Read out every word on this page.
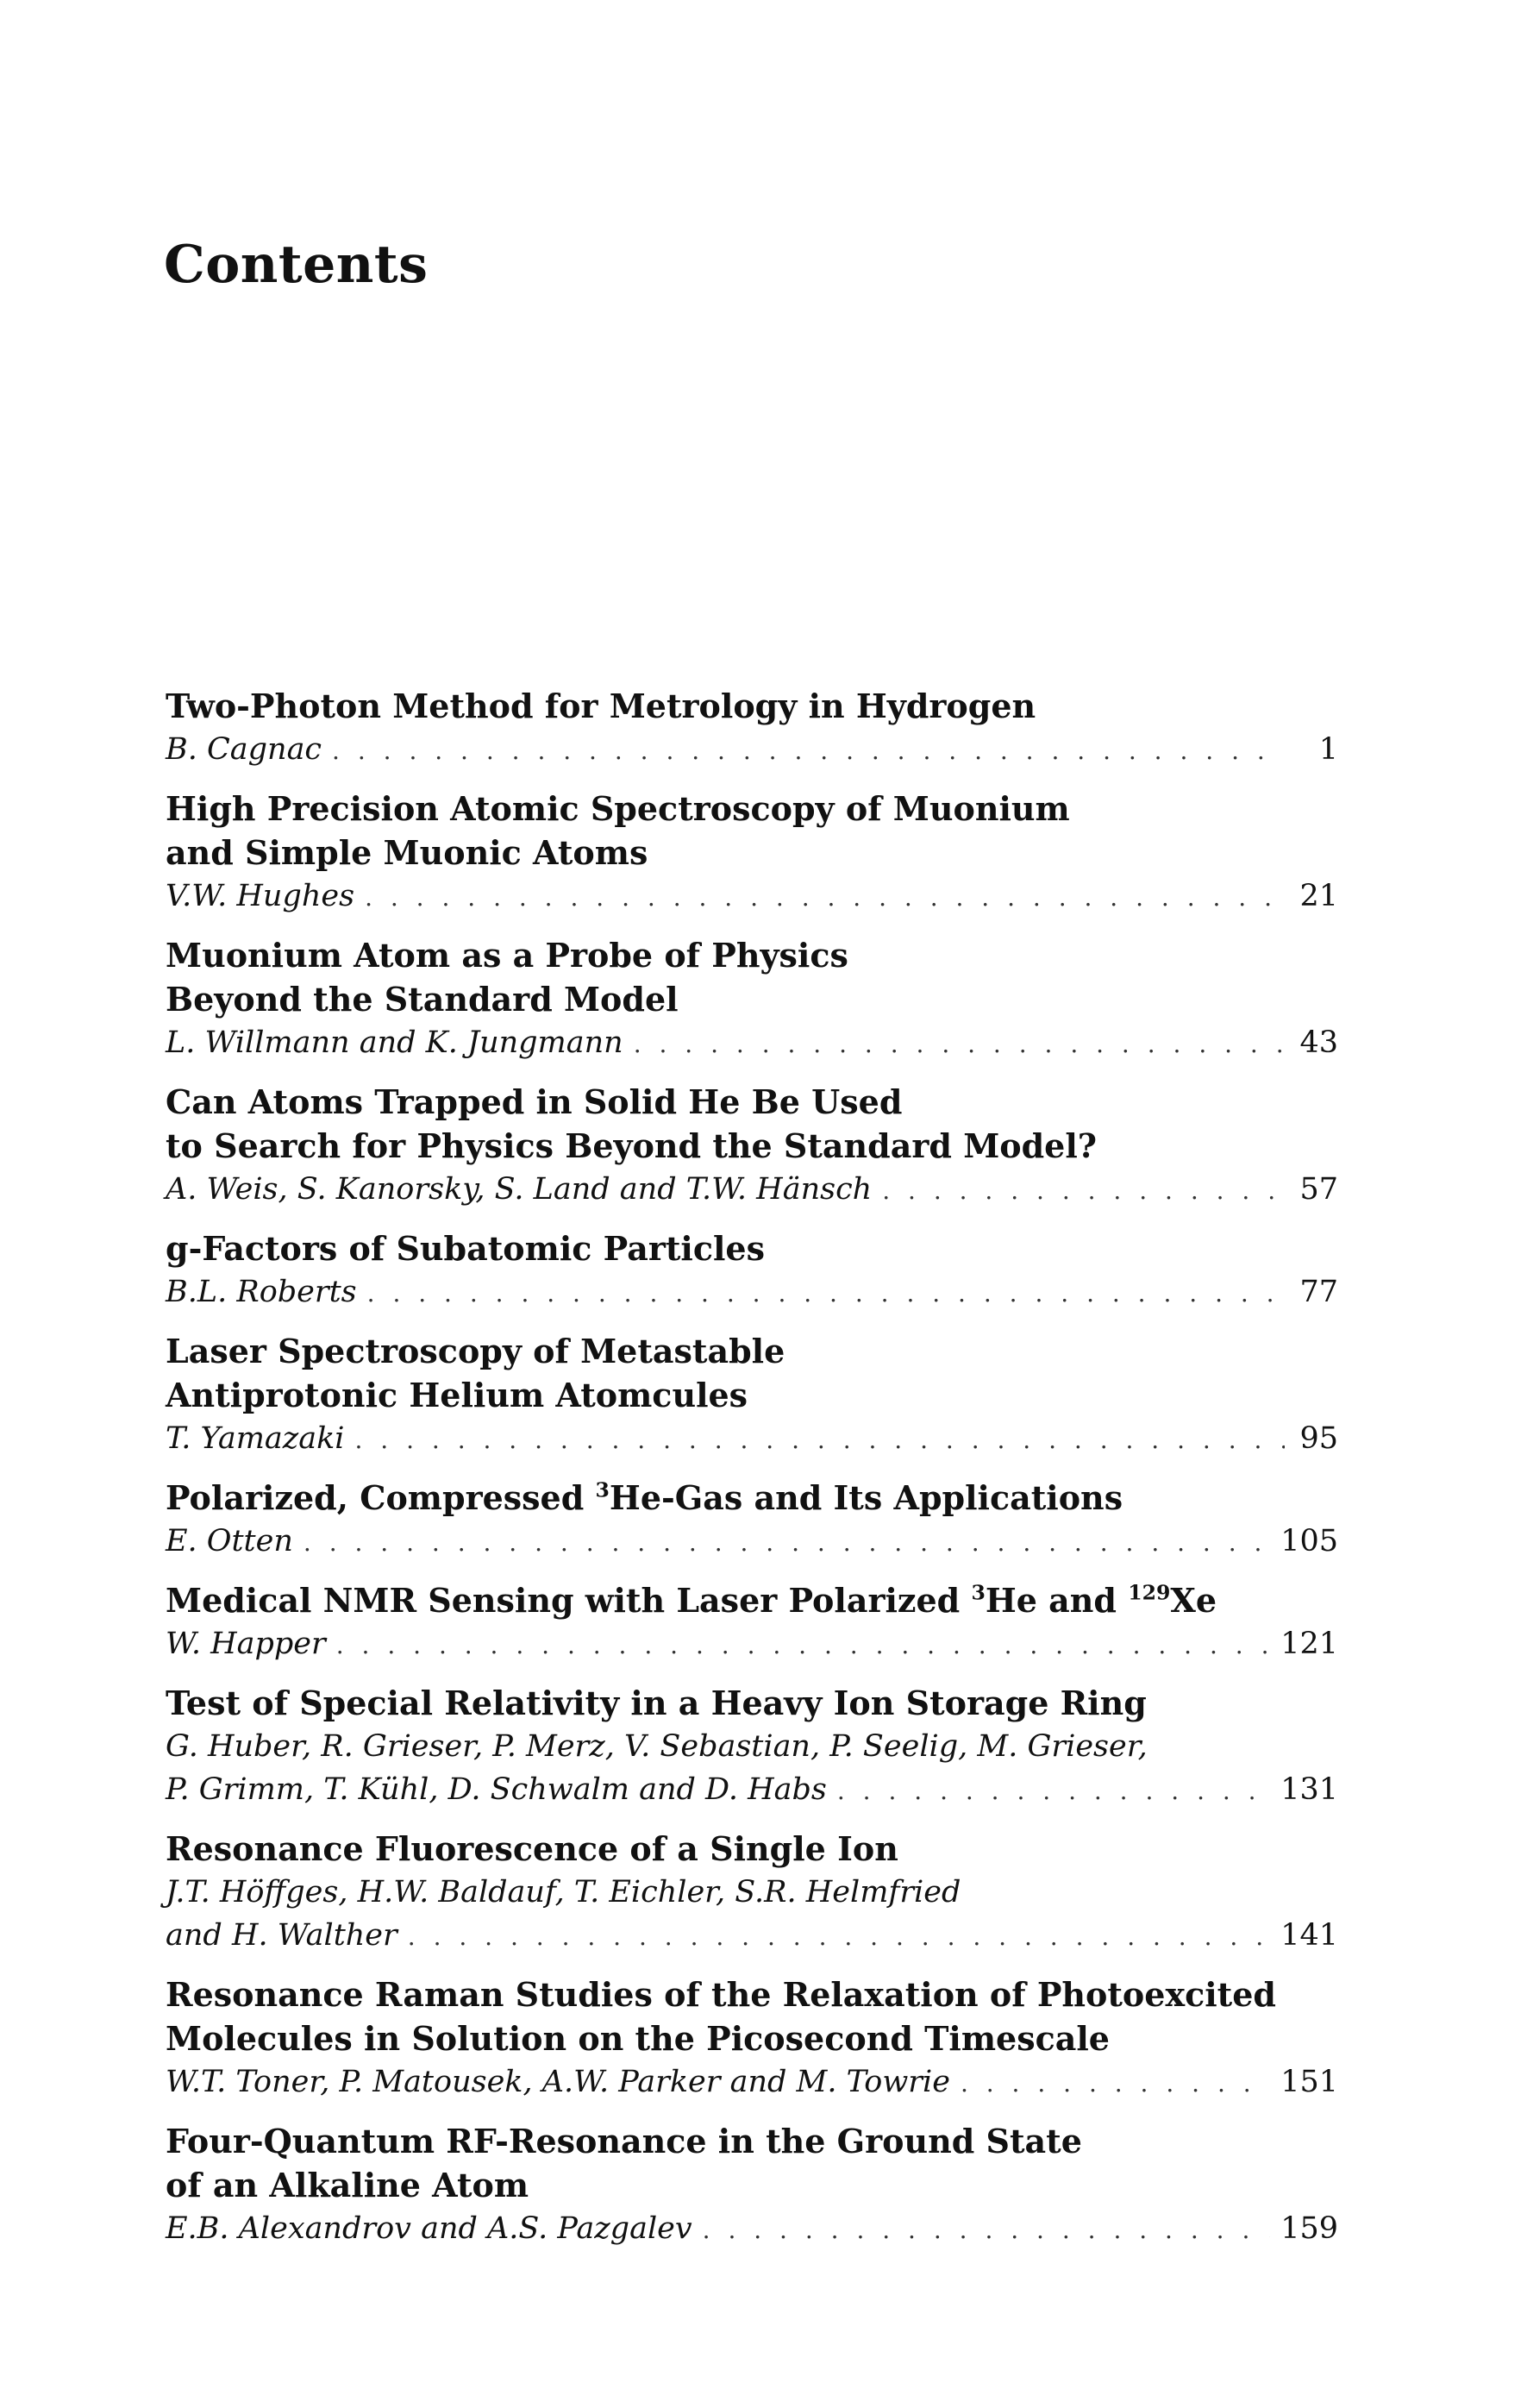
Contents
Two-Photon Method for Metrology in Hydrogen
B. Cagnac . . .	1
High Precision Atomic Spectroscopy of Muonium
and Simple Muonic Atoms
V.W. Hughes . . .	21
Muonium Atom as a Probe of Physics
Beyond the Standard Model
L. Willmann and K. Jungmann . . .	43
Can Atoms Trapped in Solid He Be Used
to Search for Physics Beyond the Standard Model?
A. Weis, S. Kanorsky, S. Land and T.W. Hänsch . . .	57
g-Factors of Subatomic Particles
B.L. Roberts . . .	77
Laser Spectroscopy of Metastable
Antiprotonic Helium Atomcules
T. Yamazaki . . .	95
Polarized, Compressed $^3$He-Gas and Its Applications
E. Otten . . .	105
Medical NMR Sensing with Laser Polarized $^3$He and $^{129}$Xe
W. Happer . . .	121
Test of Special Relativity in a Heavy Ion Storage Ring
G. Huber, R. Grieser, P. Merz, V. Sebastian, P. Seelig, M. Grieser,
P. Grimm, T. Kühl, D. Schwalm and D. Habs . . .	131
Resonance Fluorescence of a Single Ion
J.T. Höffges, H.W. Baldauf, T. Eichler, S.R. Helmfried
and H. Walther . . .	141
Resonance Raman Studies of the Relaxation of Photoexcited
Molecules in Solution on the Picosecond Timescale
W.T. Toner, P. Matousek, A.W. Parker and M. Towrie . . .	151
Four-Quantum RF-Resonance in the Ground State
of an Alkaline Atom
E.B. Alexandrov and A.S. Pazgalev . . .	159
